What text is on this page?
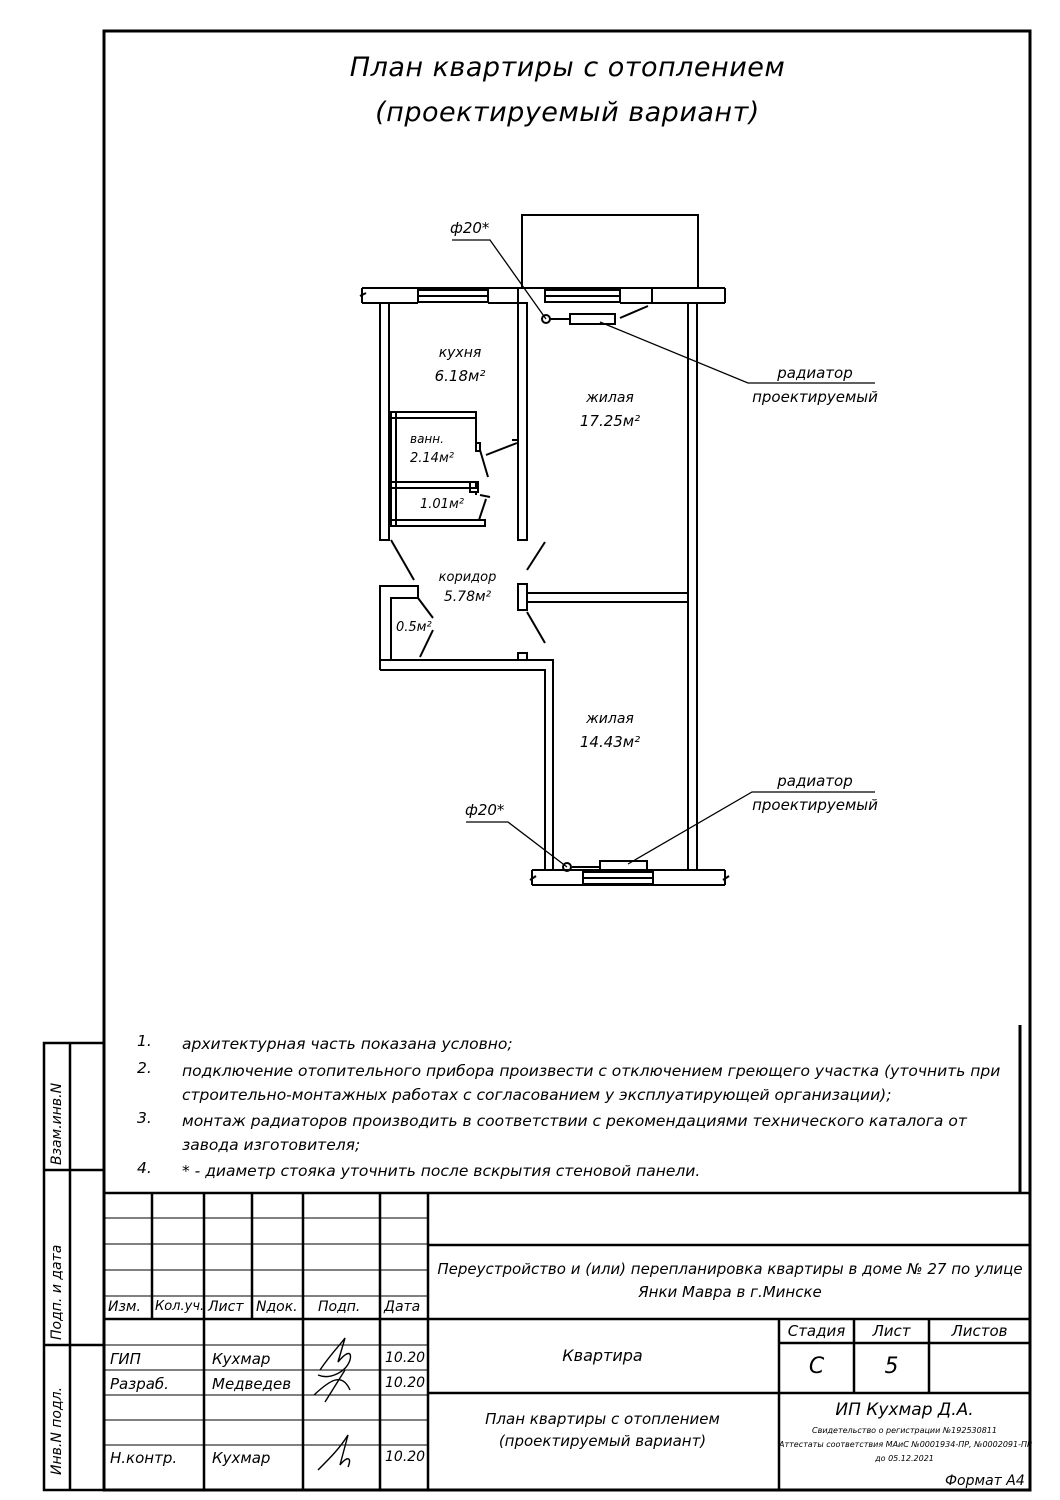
План квартиры с отоплением
(проектируемый вариант)
кухня
6.18м²
жилая
17.25м²
ванн.
2.14м²
1.01м²
коридор
5.78м²
0.5м²
жилая
14.43м²
ф20*
ф20*
радиатор
проектируемый
радиатор
проектируемый
1. архитектурная часть показана условно;
2. подключение отопительного прибора произвести с отключением греющего участка (уточнить при строительно-монтажных работах с согласованием у эксплуатирующей организации);
3. монтаж радиаторов производить в соответствии с рекомендациями технического каталога от завода изготовителя;
4. * - диаметр стояка уточнить после вскрытия стеновой панели.
Взам.инв.N
Подп. и дата
Инв.N подл.
Изм. Кол.уч. Лист Nдок. Подп. Дата
Переустройство и (или) перепланировка квартиры в доме № 27 по улице Янки Мавра в г.Минске
ГИП	Кухмар	10.20
Разраб.	Медведев	10.20
Н.контр. Кухмар	10.20
Квартира
План квартиры с отоплением (проектируемый вариант)
Стадия	Лист	Листов
С	5
ИП Кухмар Д.А.
Свидетельство о регистрации №192530811
Аттестаты соответствия МАиС №0001934-ПР, №0002091-ПР
до 05.12.2021
Формат А4
